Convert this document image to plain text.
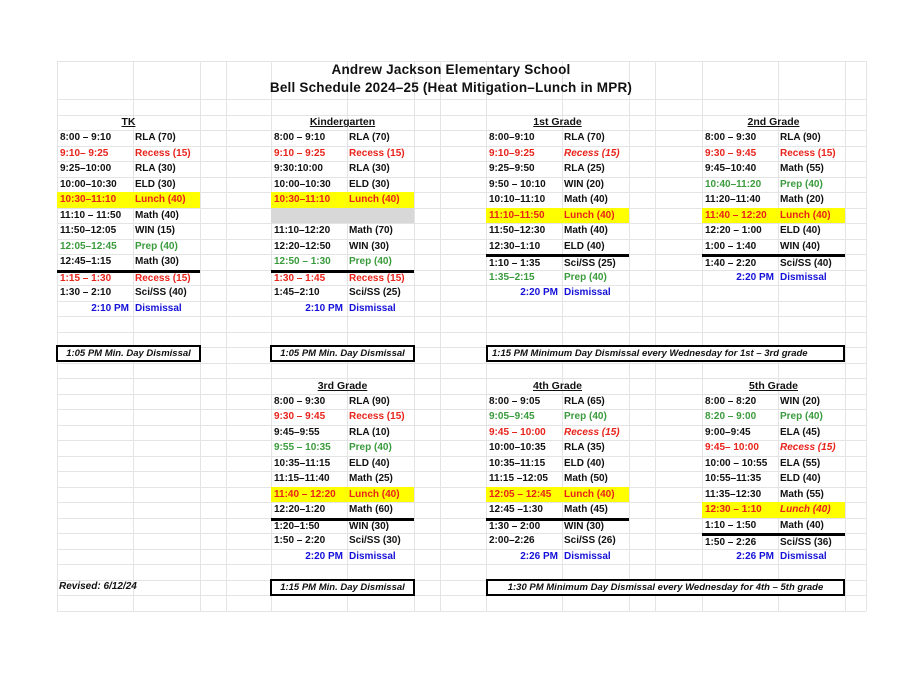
Andrew Jackson Elementary School
Bell Schedule 2024–25 (Heat Mitigation–Lunch in MPR)
TK
8:00 – 9:10	RLA (70)
9:10– 9:25	Recess (15)
9:25–10:00	RLA (30)
10:00–10:30	ELD (30)
10:30–11:10	Lunch (40)
11:10 – 11:50	Math (40)
11:50–12:05	WIN (15)
12:05–12:45	Prep (40)
12:45–1:15	Math (30)
1:15 – 1:30	Recess (15)
1:30 – 2:10	Sci/SS (40)
2:10 PM Dismissal
Kindergarten
8:00 – 9:10	RLA (70)
9:10 – 9:25	Recess (15)
9:30:10:00	RLA (30)
10:00–10:30	ELD (30)
10:30–11:10	Lunch (40)
11:10–12:20	Math (70)
12:20–12:50	WIN (30)
12:50 – 1:30	Prep (40)
1:30 – 1:45	Recess (15)
1:45–2:10	Sci/SS (25)
2:10 PM Dismissal
1st Grade
8:00–9:10	RLA (70)
9:10–9:25	Recess (15)
9:25–9:50	RLA (25)
9:50 – 10:10	WIN (20)
10:10–11:10	Math (40)
11:10–11:50	Lunch (40)
11:50–12:30	Math (40)
12:30–1:10	ELD (40)
1:10 – 1:35	Sci/SS (25)
1:35–2:15	Prep (40)
2:20 PM Dismissal
2nd Grade
8:00 – 9:30	RLA (90)
9:30 – 9:45	Recess (15)
9:45–10:40	Math (55)
10:40–11:20	Prep (40)
11:20–11:40	Math (20)
11:40 – 12:20	Lunch (40)
12:20 – 1:00	ELD (40)
1:00 – 1:40	WIN (40)
1:40 – 2:20	Sci/SS (40)
2:20 PM Dismissal
3rd Grade
8:00 – 9:30	RLA (90)
9:30 – 9:45	Recess (15)
9:45–9:55	RLA (10)
9:55 – 10:35	Prep (40)
10:35–11:15	ELD (40)
11:15–11:40	Math (25)
11:40 – 12:20	Lunch (40)
12:20–1:20	Math (60)
1:20–1:50	WIN (30)
1:50 – 2:20	Sci/SS (30)
2:20 PM Dismissal
4th Grade
8:00 – 9:05	RLA (65)
9:05–9:45	Prep (40)
9:45 – 10:00	Recess (15)
10:00–10:35	RLA (35)
10:35–11:15	ELD (40)
11:15 –12:05	Math (50)
12:05 – 12:45	Lunch (40)
12:45 –1:30	Math (45)
1:30 – 2:00	WIN (30)
2:00–2:26	Sci/SS (26)
2:26 PM Dismissal
5th Grade
8:00 – 8:20	WIN (20)
8:20 – 9:00	Prep (40)
9:00–9:45	ELA (45)
9:45– 10:00	Recess (15)
10:00 – 10:55	ELA (55)
10:55–11:35	ELD (40)
11:35–12:30	Math (55)
12:30 – 1:10	Lunch (40)
1:10 – 1:50	Math (40)
1:50 – 2:26	Sci/SS (36)
2:26 PM Dismissal
1:05 PM Min. Day Dismissal	1:05 PM Min. Day Dismissal	1:15 PM Minimum Day Dismissal every Wednesday for 1st – 3rd grade
1:15 PM Min. Day Dismissal	1:30 PM Minimum Day Dismissal every Wednesday for 4th – 5th grade
Revised: 6/12/24
